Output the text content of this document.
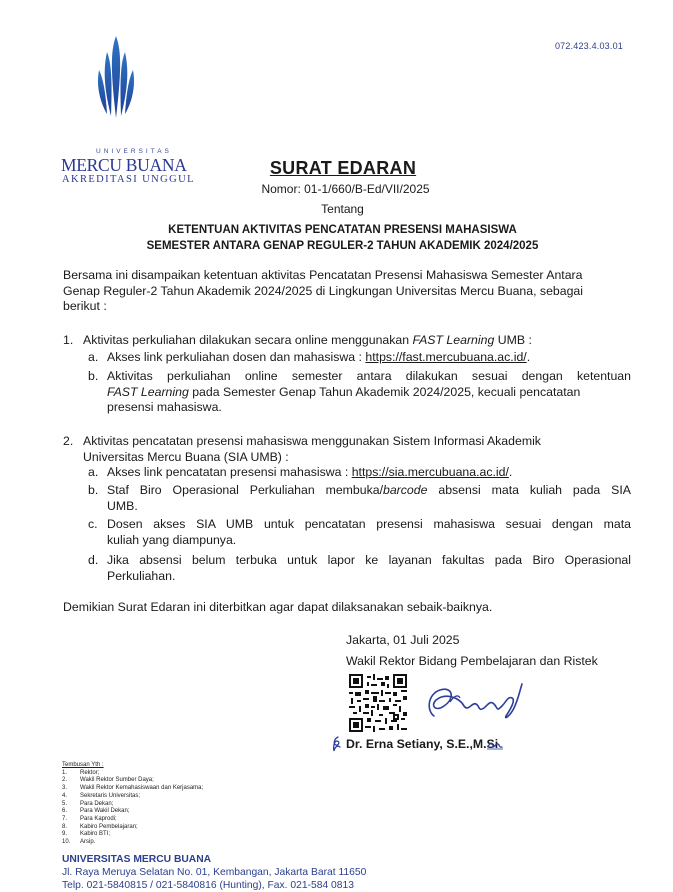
072.423.4.03.01
UNIVERSITAS
MERCU BUANA
AKREDITASI UNGGUL
SURAT EDARAN
Nomor: 01-1/660/B-Ed/VII/2025
Tentang
KETENTUAN AKTIVITAS PENCATATAN PRESENSI MAHASISWA
SEMESTER ANTARA GENAP REGULER-2 TAHUN AKADEMIK 2024/2025
Bersama ini disampaikan ketentuan aktivitas Pencatatan Presensi Mahasiswa Semester Antara
Genap Reguler-2 Tahun Akademik 2024/2025 di Lingkungan Universitas Mercu Buana, sebagai
berikut :
1. Aktivitas perkuliahan dilakukan secara online menggunakan FAST Learning UMB :
a. Akses link perkuliahan dosen dan mahasiswa : https://fast.mercubuana.ac.id/.
b. Aktivitas perkuliahan online semester antara dilakukan sesuai dengan ketentuan
FAST Learning pada Semester Genap Tahun Akademik 2024/2025, kecuali pencatatan
presensi mahasiswa.
2. Aktivitas pencatatan presensi mahasiswa menggunakan Sistem Informasi Akademik
Universitas Mercu Buana (SIA UMB) :
a. Akses link pencatatan presensi mahasiswa : https://sia.mercubuana.ac.id/.
b. Staf Biro Operasional Perkuliahan membuka/barcode absensi mata kuliah pada SIA
UMB.
c. Dosen akses SIA UMB untuk pencatatan presensi mahasiswa sesuai dengan mata
kuliah yang diampunya.
d. Jika absensi belum terbuka untuk lapor ke layanan fakultas pada Biro Operasional
Perkuliahan.
Demikian Surat Edaran ini diterbitkan agar dapat dilaksanakan sebaik-baiknya.
Jakarta, 01 Juli 2025
Wakil Rektor Bidang Pembelajaran dan Ristek
Dr. Erna Setiany, S.E.,M.Si
Tembusan Yth :
1. Rektor;
2. Wakil Rektor Sumber Daya;
3. Wakil Rektor Kemahasiswaan dan Kerjasama;
4. Sekretaris Universitas;
5. Para Dekan;
6. Para Wakil Dekan;
7. Para Kaprodi;
8. Kabiro Pembelajaran;
9. Kabiro BTI;
10. Arsip.
UNIVERSITAS MERCU BUANA
Jl. Raya Meruya Selatan No. 01, Kembangan, Jakarta Barat 11650
Telp. 021-5840815 / 021-5840816 (Hunting), Fax. 021-584 0813
